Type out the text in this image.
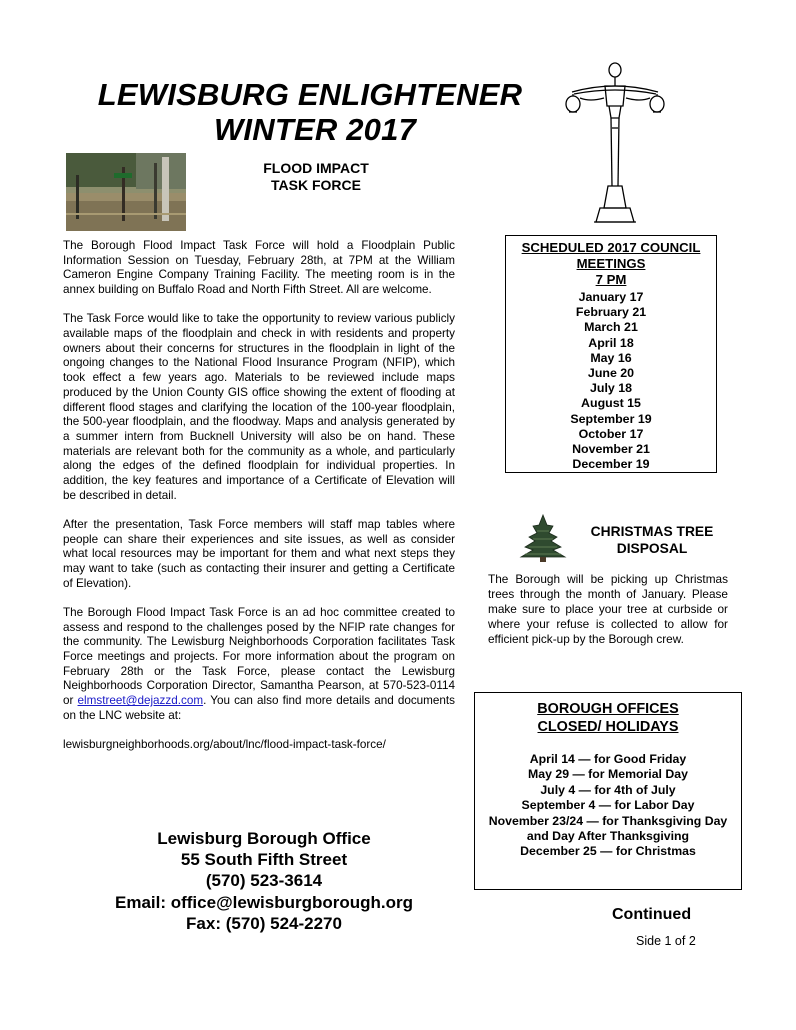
LEWISBURG ENLIGHTENER
WINTER 2017
FLOOD IMPACT
TASK FORCE

The Borough Flood Impact Task Force will hold a Floodplain Public Information Session on Tuesday, February 28th, at 7PM at the William Cameron Engine Company Training Facility. The meeting room is in the annex building on Buffalo Road and North Fifth Street. All are welcome.

The Task Force would like to take the opportunity to review various publicly available maps of the floodplain and check in with residents and property owners about their concerns for structures in the floodplain in light of the ongoing changes to the National Flood Insurance Program (NFIP), which took effect a few years ago. Materials to be reviewed include maps produced by the Union County GIS office showing the extent of flooding at different flood stages and clarifying the location of the 100-year floodplain, the 500-year floodplain, and the floodway. Maps and analysis generated by a summer intern from Bucknell University will also be on hand. These materials are relevant both for the community as a whole, and particularly along the edges of the defined floodplain for individual properties. In addition, the key features and importance of a Certificate of Elevation will be described in detail.

After the presentation, Task Force members will staff map tables where people can share their experiences and site issues, as well as consider what local resources may be important for them and what next steps they may want to take (such as contacting their insurer and getting a Certificate of Elevation).

The Borough Flood Impact Task Force is an ad hoc committee created to assess and respond to the challenges posed by the NFIP rate changes for the community. The Lewisburg Neighborhoods Corporation facilitates Task Force meetings and projects. For more information about the program on February 28th or the Task Force, please contact the Lewisburg Neighborhoods Corporation Director, Samantha Pearson, at 570-523-0114 or elmstreet@dejazzd.com. You can also find more details and documents on the LNC website at:

lewisburgneighborhoods.org/about/lnc/flood-impact-task-force/

SCHEDULED 2017 COUNCIL
MEETINGS
7 PM
January 17
February 21
March 21
April 18
May 16
June 20
July 18
August 15
September 19
October 17
November 21
December 19
CHRISTMAS TREE
DISPOSAL
The Borough will be picking up Christmas trees through the month of January. Please make sure to place your tree at curbside or where your refuse is collected to allow for efficient pick-up by the Borough crew.
BOROUGH OFFICES
CLOSED/ HOLIDAYS
April 14 — for Good Friday
May 29 — for Memorial Day
July 4 — for 4th of July
September 4 — for Labor Day
November 23/24 — for Thanksgiving Day
and Day After Thanksgiving
December 25 — for Christmas
Lewisburg Borough Office
55 South Fifth Street
(570) 523-3614
Email: office@lewisburgborough.org
Fax: (570) 524-2270	Continued
Side 1 of 2
